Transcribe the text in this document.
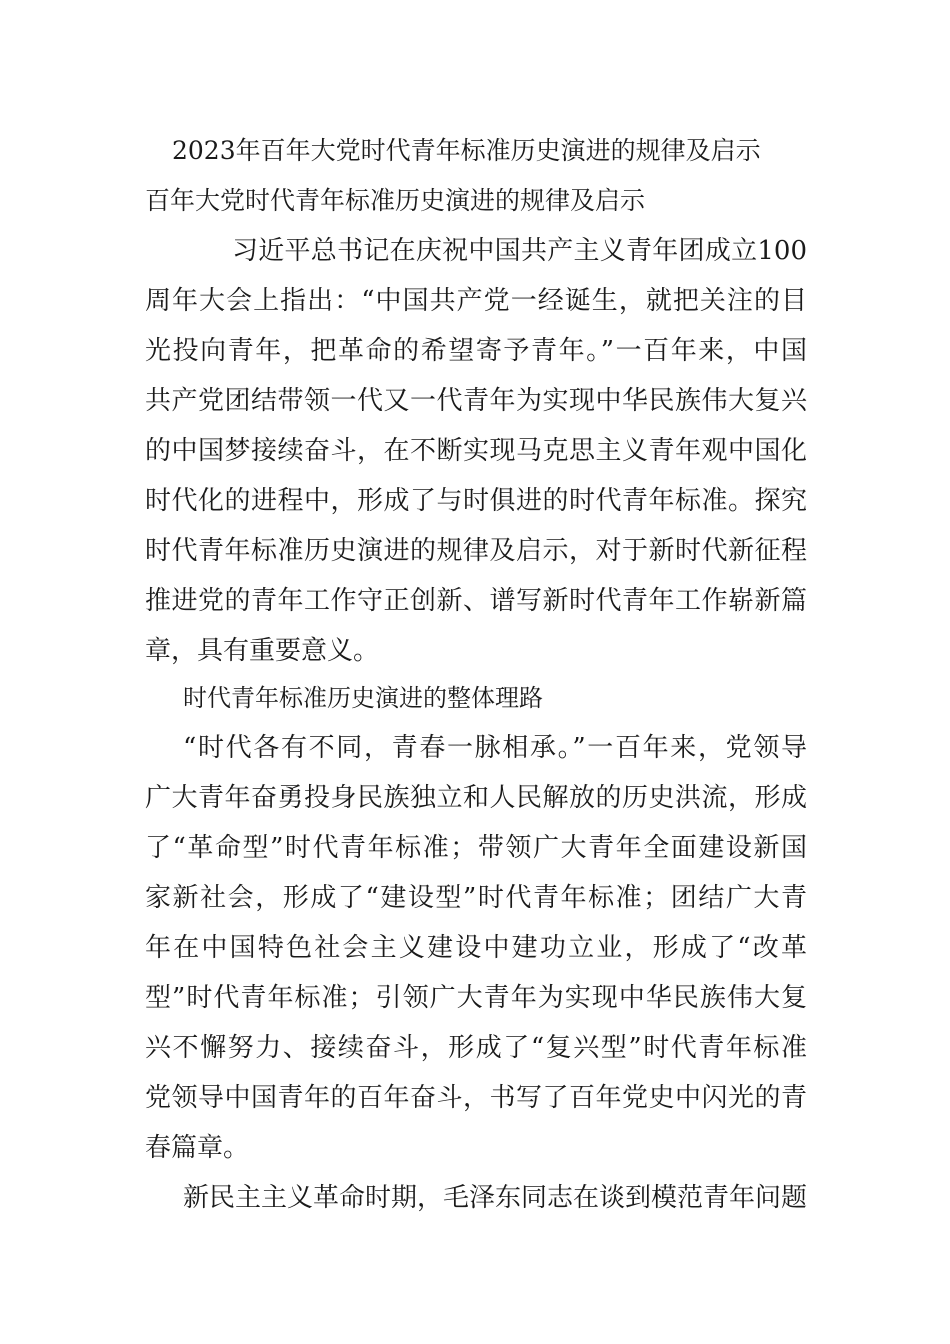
2023年百年大党时代青年标准历史演进的规律及启示
百年大党时代青年标准历史演进的规律及启示
习近平总书记在庆祝中国共产主义青年团成立100
周年大会上指出：“中国共产党一经诞生，就把关注的目
光投向青年，把革命的希望寄予青年。”一百年来，中国
共产党团结带领一代又一代青年为实现中华民族伟大复兴
的中国梦接续奋斗，在不断实现马克思主义青年观中国化
时代化的进程中，形成了与时俱进的时代青年标准。探究
时代青年标准历史演进的规律及启示，对于新时代新征程
推进党的青年工作守正创新、谱写新时代青年工作崭新篇
章，具有重要意义。
时代青年标准历史演进的整体理路
“时代各有不同，青春一脉相承。”一百年来，党领导
广大青年奋勇投身民族独立和人民解放的历史洪流，形成
了“革命型”时代青年标准；带领广大青年全面建设新国
家新社会，形成了“建设型”时代青年标准；团结广大青
年在中国特色社会主义建设中建功立业，形成了“改革
型”时代青年标准；引领广大青年为实现中华民族伟大复
兴不懈努力、接续奋斗，形成了“复兴型”时代青年标准
党领导中国青年的百年奋斗，书写了百年党史中闪光的青
春篇章。
新民主主义革命时期，毛泽东同志在谈到模范青年问题
